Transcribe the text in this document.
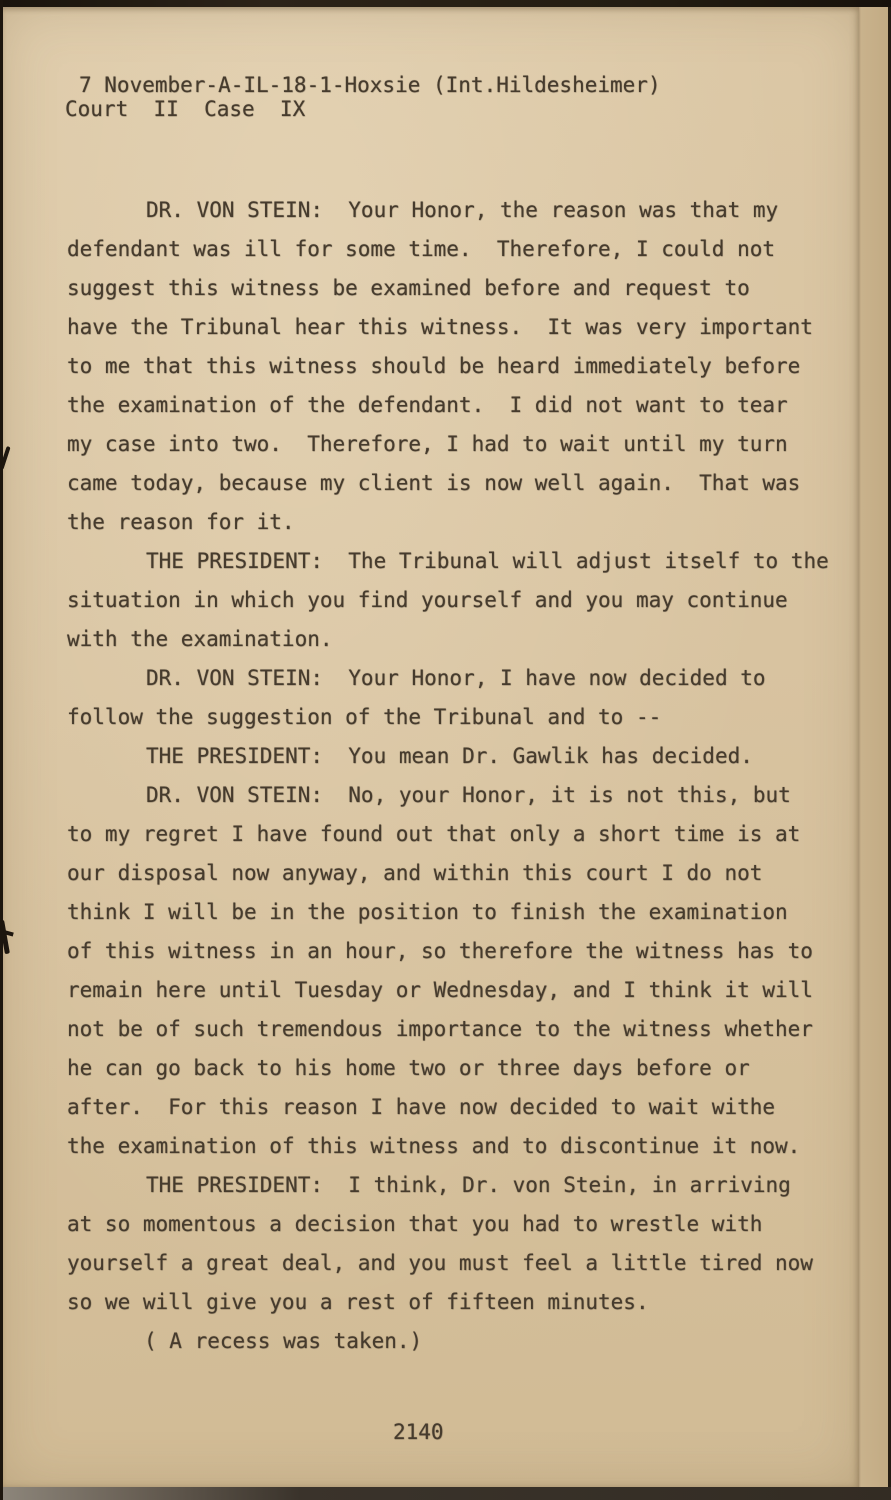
7 November-A-IL-18-1-Hoxsie (Int.Hildesheimer)
Court  II  Case  IX
DR. VON STEIN:  Your Honor, the reason was that my
defendant was ill for some time.  Therefore, I could not
suggest this witness be examined before and request to
have the Tribunal hear this witness.  It was very important
to me that this witness should be heard immediately before
the examination of the defendant.  I did not want to tear
my case into two.  Therefore, I had to wait until my turn
came today, because my client is now well again.  That was
the reason for it.
THE PRESIDENT:  The Tribunal will adjust itself to the
situation in which you find yourself and you may continue
with the examination.
DR. VON STEIN:  Your Honor, I have now decided to
follow the suggestion of the Tribunal and to --
THE PRESIDENT:  You mean Dr. Gawlik has decided.
DR. VON STEIN:  No, your Honor, it is not this, but
to my regret I have found out that only a short time is at
our disposal now anyway, and within this court I do not
think I will be in the position to finish the examination
of this witness in an hour, so therefore the witness has to
remain here until Tuesday or Wednesday, and I think it will
not be of such tremendous importance to the witness whether
he can go back to his home two or three days before or
after.  For this reason I have now decided to wait withe
the examination of this witness and to discontinue it now.
THE PRESIDENT:  I think, Dr. von Stein, in arriving
at so momentous a decision that you had to wrestle with
yourself a great deal, and you must feel a little tired now
so we will give you a rest of fifteen minutes.
( A recess was taken.)
2140
